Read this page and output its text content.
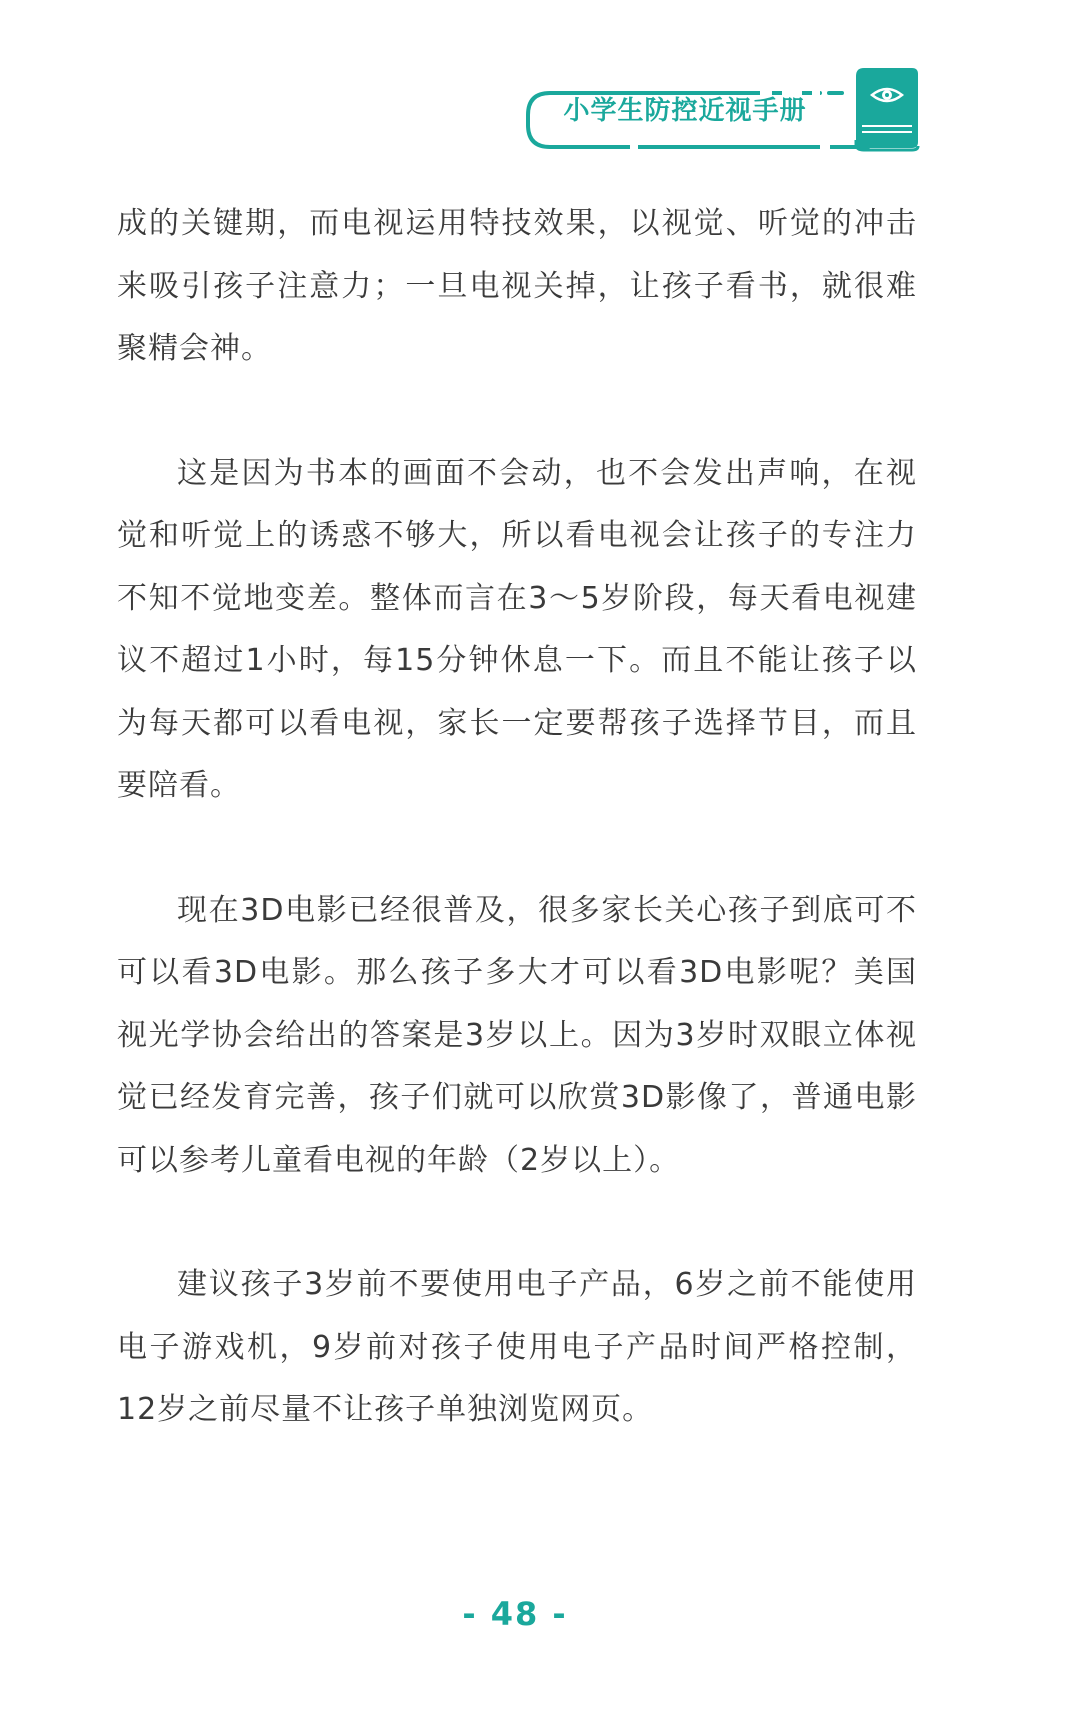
小学生防控近视手册

成的关键期，而电视运用特技效果，以视觉、听觉的冲击来吸引孩子注意力；一旦电视关掉，让孩子看书，就很难聚精会神。

这是因为书本的画面不会动，也不会发出声响，在视觉和听觉上的诱惑不够大，所以看电视会让孩子的专注力不知不觉地变差。整体而言在3～5岁阶段，每天看电视建议不超过1小时，每15分钟休息一下。而且不能让孩子以为每天都可以看电视，家长一定要帮孩子选择节目，而且要陪看。

现在3D电影已经很普及，很多家长关心孩子到底可不可以看3D电影。那么孩子多大才可以看3D电影呢？美国视光学协会给出的答案是3岁以上。因为3岁时双眼立体视觉已经发育完善，孩子们就可以欣赏3D影像了，普通电影可以参考儿童看电视的年龄（2岁以上）。

建议孩子3岁前不要使用电子产品，6岁之前不能使用电子游戏机，9岁前对孩子使用电子产品时间严格控制，12岁之前尽量不让孩子单独浏览网页。

- 48 -
